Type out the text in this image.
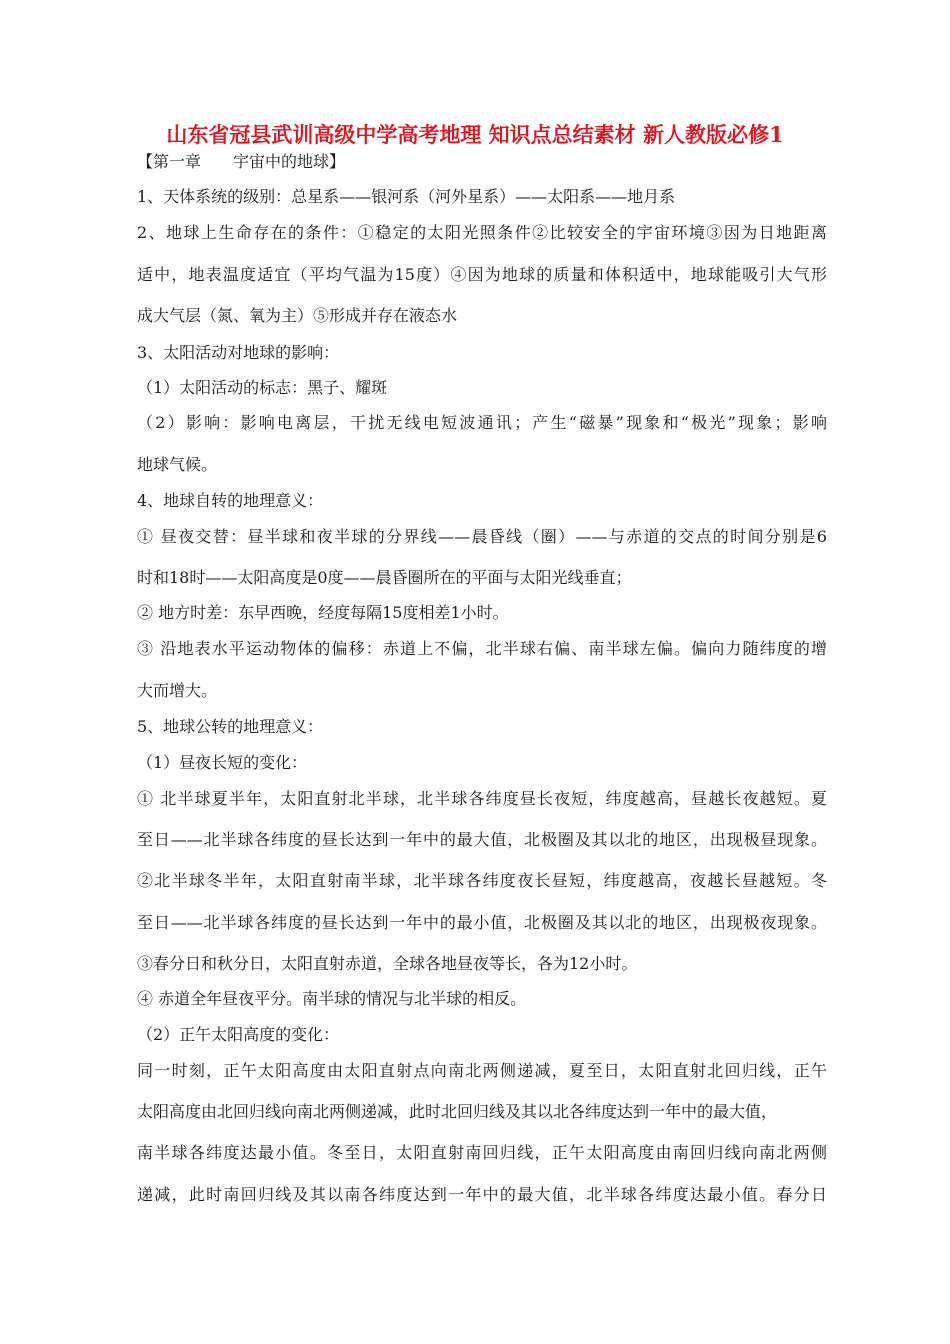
山东省冠县武训高级中学高考地理 知识点总结素材 新人教版必修1
【第一章　　宇宙中的地球】
1、天体系统的级别：总星系——银河系（河外星系）——太阳系——地月系
2、地球上生命存在的条件：①稳定的太阳光照条件②比较安全的宇宙环境③因为日地距离
适中，地表温度适宜（平均气温为15度）④因为地球的质量和体积适中，地球能吸引大气形
成大气层（氮、氧为主）⑤形成并存在液态水
3、太阳活动对地球的影响：
（1）太阳活动的标志：黑子、耀斑
（2）影响：影响电离层，干扰无线电短波通讯；产生“磁暴”现象和“极光”现象；影响
地球气候。
4、地球自转的地理意义：
① 昼夜交替：昼半球和夜半球的分界线——晨昏线（圈）——与赤道的交点的时间分别是6
时和18时——太阳高度是0度——晨昏圈所在的平面与太阳光线垂直；
② 地方时差：东早西晚，经度每隔15度相差1小时。
③ 沿地表水平运动物体的偏移：赤道上不偏，北半球右偏、南半球左偏。偏向力随纬度的增
大而增大。
5、地球公转的地理意义：
（1）昼夜长短的变化：
① 北半球夏半年，太阳直射北半球，北半球各纬度昼长夜短，纬度越高，昼越长夜越短。夏
至日——北半球各纬度的昼长达到一年中的最大值，北极圈及其以北的地区，出现极昼现象。
②北半球冬半年，太阳直射南半球，北半球各纬度夜长昼短，纬度越高，夜越长昼越短。冬
至日——北半球各纬度的昼长达到一年中的最小值，北极圈及其以北的地区，出现极夜现象。
③春分日和秋分日，太阳直射赤道，全球各地昼夜等长，各为12小时。
④ 赤道全年昼夜平分。南半球的情况与北半球的相反。
（2）正午太阳高度的变化：
同一时刻，正午太阳高度由太阳直射点向南北两侧递减，夏至日，太阳直射北回归线，正午
太阳高度由北回归线向南北两侧递减，此时北回归线及其以北各纬度达到一年中的最大值，
南半球各纬度达最小值。冬至日，太阳直射南回归线，正午太阳高度由南回归线向南北两侧
递减，此时南回归线及其以南各纬度达到一年中的最大值，北半球各纬度达最小值。春分日
